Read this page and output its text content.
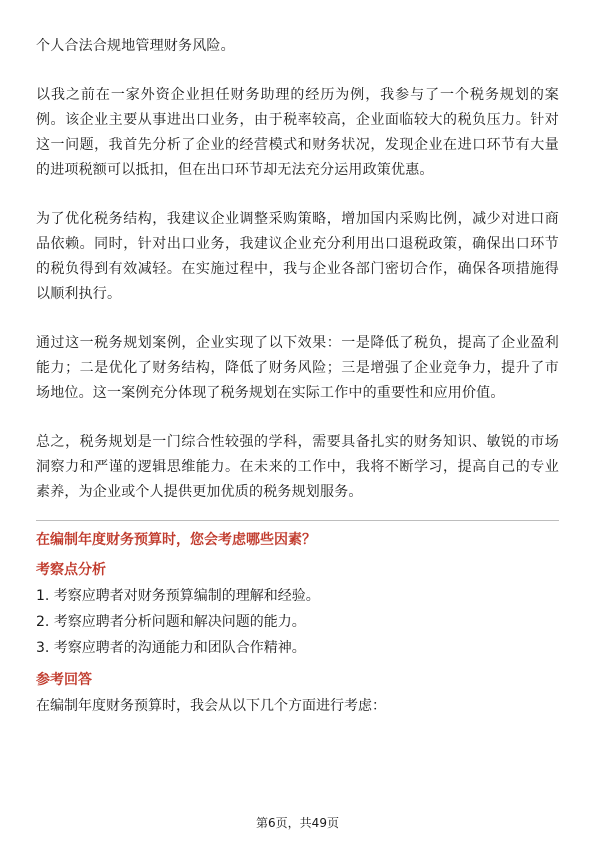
个人合法合规地管理财务风险。

以我之前在一家外资企业担任财务助理的经历为例，我参与了一个税务规划的案例。该企业主要从事进出口业务，由于税率较高，企业面临较大的税负压力。针对这一问题，我首先分析了企业的经营模式和财务状况，发现企业在进口环节有大量的进项税额可以抵扣，但在出口环节却无法充分运用政策优惠。

为了优化税务结构，我建议企业调整采购策略，增加国内采购比例，减少对进口商品依赖。同时，针对出口业务，我建议企业充分利用出口退税政策，确保出口环节的税负得到有效减轻。在实施过程中，我与企业各部门密切合作，确保各项措施得以顺利执行。

通过这一税务规划案例，企业实现了以下效果：一是降低了税负，提高了企业盈利能力；二是优化了财务结构，降低了财务风险；三是增强了企业竞争力，提升了市场地位。这一案例充分体现了税务规划在实际工作中的重要性和应用价值。

总之，税务规划是一门综合性较强的学科，需要具备扎实的财务知识、敏锐的市场洞察力和严谨的逻辑思维能力。在未来的工作中，我将不断学习，提高自己的专业素养，为企业或个人提供更加优质的税务规划服务。

在编制年度财务预算时，您会考虑哪些因素？

考察点分析

1. 考察应聘者对财务预算编制的理解和经验。

2. 考察应聘者分析问题和解决问题的能力。

3. 考察应聘者的沟通能力和团队合作精神。

参考回答

在编制年度财务预算时，我会从以下几个方面进行考虑：

第6页，共49页
